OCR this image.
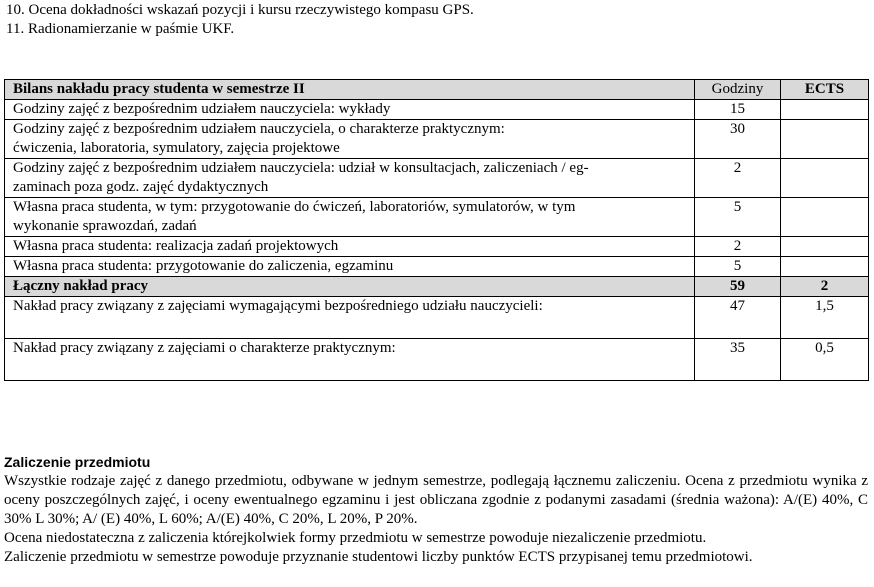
10. Ocena dokładności wskazań pozycji i kursu rzeczywistego kompasu GPS.
11. Radionamierzanie w paśmie UKF.
Bilans nakładu pracy studenta w semestrze II	Godziny	ECTS
Godziny zajęć z bezpośrednim udziałem nauczyciela: wykłady	15	

Godziny zajęć z bezpośrednim udziałem nauczyciela, o charakterze praktycznym:
ćwiczenia, laboratoria, symulatory, zajęcia projektowe	30	

Godziny zajęć z bezpośrednim udziałem nauczyciela: udział w konsultacjach, zaliczeniach / eg-
zaminach poza godz. zajęć dydaktycznych	2	

Własna praca studenta, w tym: przygotowanie do ćwiczeń, laboratoriów, symulatorów, w tym
wykonanie sprawozdań, zadań	5	
Własna praca studenta: realizacja zadań projektowych	2	
Własna praca studenta: przygotowanie do zaliczenia, egzaminu	5	
Łączny nakład pracy	59	2
Nakład pracy związany z zajęciami wymagającymi bezpośredniego udziału nauczycieli:	47	1,5
Nakład pracy związany z zajęciami o charakterze praktycznym:	35	0,5
Zaliczenie przedmiotu
Wszystkie rodzaje zajęć z danego przedmiotu, odbywane w jednym semestrze, podlegają łącznemu zaliczeniu. Ocena z przedmiotu wynika z oceny poszczególnych zajęć, i oceny ewentualnego egzaminu i jest obliczana zgodnie z podanymi zasadami (średnia ważona): A/(E) 40%, C 30% L 30%; A/ (E) 40%, L 60%; A/(E) 40%, C 20%, L 20%, P 20%.
Ocena niedostateczna z zaliczenia którejkolwiek formy przedmiotu w semestrze powoduje niezaliczenie przedmiotu.
Zaliczenie przedmiotu w semestrze powoduje przyznanie studentowi liczby punktów ECTS przypisanej temu przedmiotowi.
